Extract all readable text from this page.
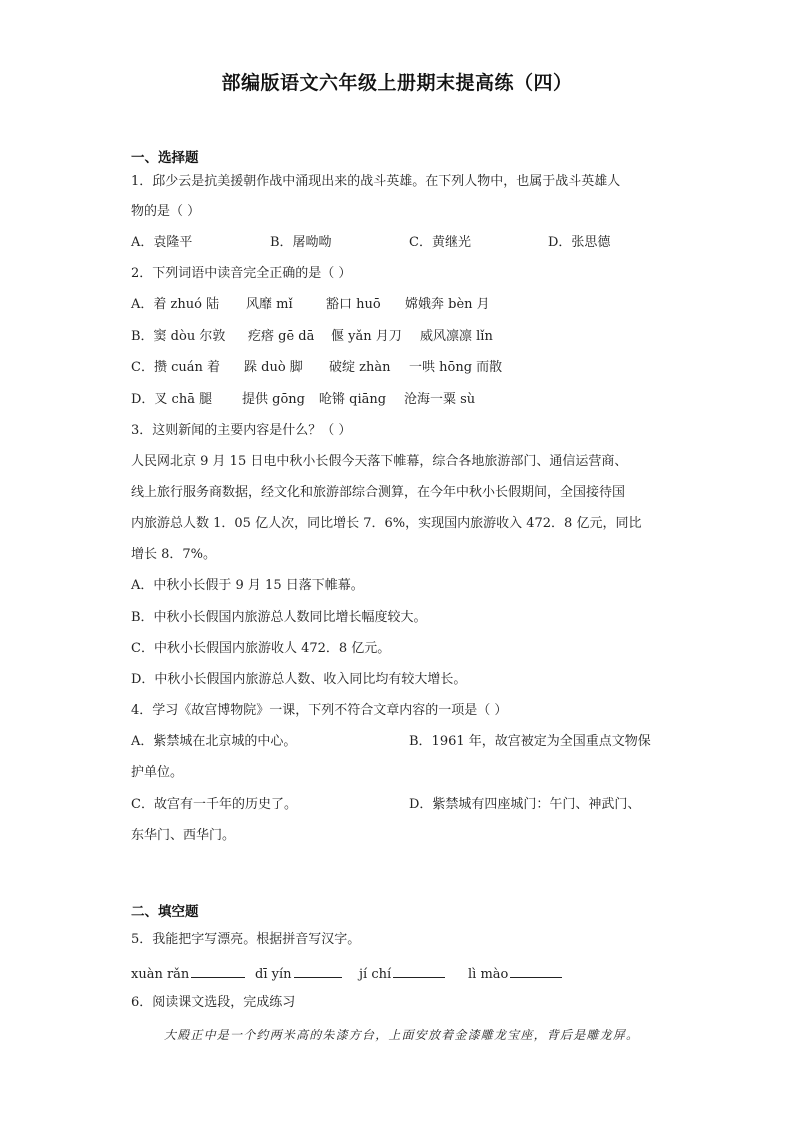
部编版语文六年级上册期末提高练（四）
一、选择题
1．邱少云是抗美援朝作战中涌现出来的战斗英雄。在下列人物中，也属于战斗英雄人
物的是（ ）
A．袁隆平	B．屠呦呦	C．黄继光	D．张思德
2．下列词语中读音完全正确的是（ ）
A．着 zhuó 陆 风靡 mǐ	豁口 huō 嫦娥奔 bèn 月
B．窦 dòu 尔敦 疙瘩 gē dā 偃 yǎn 月刀 威风凛凛 lǐn
C．攒 cuán 着 跺 duò 脚 破绽 zhàn 一哄 hōng 而散
D．叉 chā 腿 提供 gōng 呛锵 qiāng 沧海一粟 sù
3．这则新闻的主要内容是什么？（ ）
人民网北京 9 月 15 日电中秋小长假今天落下帷幕，综合各地旅游部门、通信运营商、
线上旅行服务商数据，经文化和旅游部综合测算，在今年中秋小长假期间，全国接待国
内旅游总人数 1．05 亿人次，同比增长 7．6%，实现国内旅游收入 472．8 亿元，同比
增长 8．7%。
A．中秋小长假于 9 月 15 日落下帷幕。
B．中秋小长假国内旅游总人数同比增长幅度较大。
C．中秋小长假国内旅游收人 472．8 亿元。
D．中秋小长假国内旅游总人数、收入同比均有较大增长。
4．学习《故宫博物院》一课，下列不符合文章内容的一项是（ ）
A．紫禁城在北京城的中心。	B．1961 年，故宫被定为全国重点文物保
护单位。
C．故宫有一千年的历史了。	D．紫禁城有四座城门：午门、神武门、
东华门、西华门。
二、填空题
5．我能把字写漂亮。根据拼音写汉字。
xuàn rǎn	dī yín	jí chí	lì mào
6．阅读课文选段，完成练习
大殿正中是一个约两米高的朱漆方台，上面安放着金漆雕龙宝座，背后是雕龙屏。
